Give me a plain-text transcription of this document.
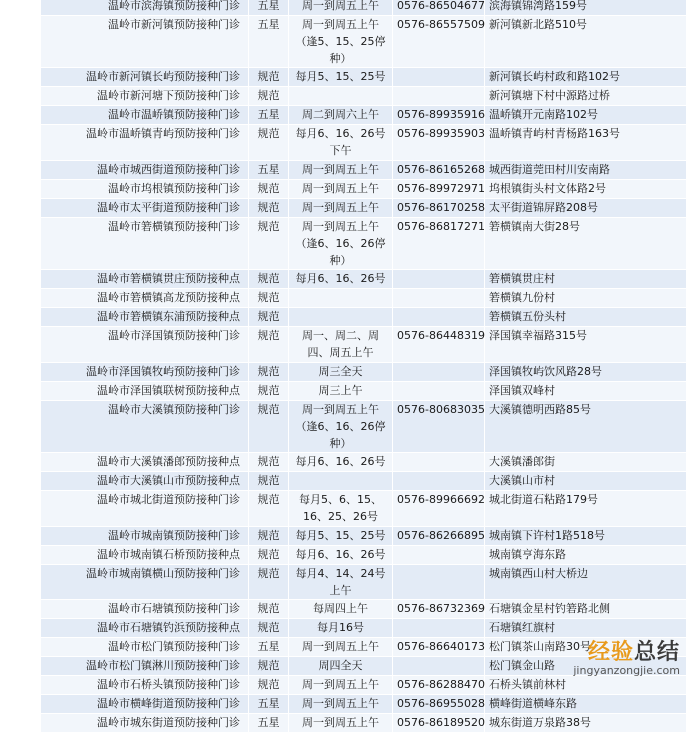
温岭市滨海镇预防接种门诊	五星	周一到周五上午	0576-86504677	滨海镇锦湾路159号
温岭市新河镇预防接种门诊	五星	周一到周五上午（逢5、15、25停种）	0576-86557509	新河镇新北路510号
温岭市新河镇长屿预防接种门诊	规范	每月5、15、25号		新河镇长屿村政和路102号
温岭市新河塘下预防接种门诊	规范			新河镇塘下村中源路过桥
温岭市温峤镇预防接种门诊	五星	周二到周六上午	0576-89935916	温峤镇开元南路102号
温岭市温峤镇青屿预防接种门诊	规范	每月6、16、26号下午	0576-89935903	温峤镇青屿村青杨路163号
温岭市城西街道预防接种门诊	五星	周一到周五上午	0576-86165268	城西街道莞田村川安南路
温岭市坞根镇预防接种门诊	规范	周一到周五上午	0576-89972971	坞根镇街头村文体路2号
温岭市太平街道预防接种门诊	规范	周一到周五上午	0576-86170258	太平街道锦屏路208号
温岭市箬横镇预防接种门诊	规范	周一到周五上午（逢6、16、26停种）	0576-86817271	箬横镇南大街28号
温岭市箬横镇贯庄预防接种点	规范	每月6、16、26号		箬横镇贯庄村
温岭市箬横镇高龙预防接种点	规范			箬横镇九份村
温岭市箬横镇东浦预防接种点	规范			箬横镇五份头村
温岭市泽国镇预防接种门诊	规范	周一、周二、周四、周五上午	0576-86448319	泽国镇幸福路315号
温岭市泽国镇牧屿预防接种门诊	规范	周三全天		泽国镇牧屿饮风路28号
温岭市泽国镇联树预防接种点	规范	周三上午		泽国镇双峰村
温岭市大溪镇预防接种门诊	规范	周一到周五上午（逢6、16、26停种）	0576-80683035	大溪镇德明西路85号
温岭市大溪镇潘郎预防接种点	规范	每月6、16、26号		大溪镇潘郎街
温岭市大溪镇山市预防接种点	规范			大溪镇山市村
温岭市城北街道预防接种门诊	规范	每月5、6、15、16、25、26号	0576-89966692	城北街道石粘路179号
温岭市城南镇预防接种门诊	规范	每月5、15、25号	0576-86266895	城南镇下许村1路518号
温岭市城南镇石桥预防接种点	规范	每月6、16、26号		城南镇亨海东路
温岭市城南镇横山预防接种门诊	规范	每月4、14、24号上午		城南镇西山村大桥边
温岭市石塘镇预防接种门诊	规范	每周四上午	0576-86732369	石塘镇金星村钓箬路北侧
温岭市石塘镇钓浜预防接种点	规范	每月16号		石塘镇红旗村
温岭市松门镇预防接种门诊	五星	周一到周五上午	0576-86640173	松门镇茶山南路30号
温岭市松门镇淋川预防接种门诊	规范	周四全天		松门镇金山路
温岭市石桥头镇预防接种门诊	规范	周一到周五上午	0576-86288470	石桥头镇前林村
温岭市横峰街道预防接种门诊	五星	周一到周五上午	0576-86955028	横峰街道横峰东路
温岭市城东街道预防接种门诊	五星	周一到周五上午	0576-86189520	城东街道万泉路38号
经验总结
jingyanzongjie.com
